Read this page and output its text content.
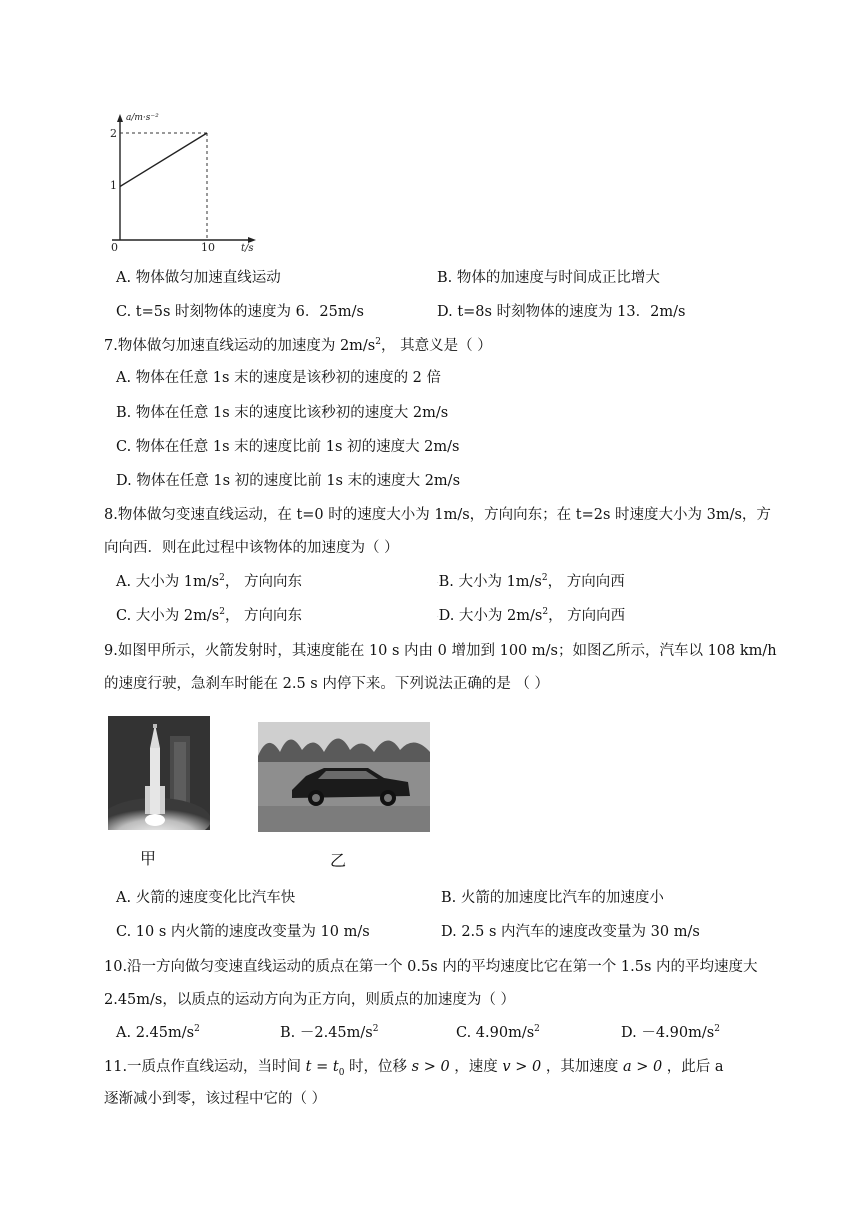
a/m·s⁻²
2
1
0	10	t/s
A. 物体做匀加速直线运动	B. 物体的加速度与时间成正比增大
C. t=5s 时刻物体的速度为 6．25m/s	D. t=8s 时刻物体的速度为 13．2m/s
7.物体做匀加速直线运动的加速度为 $2m/s^2$， 其意义是（ ）
A. 物体在任意 1s 末的速度是该秒初的速度的 2 倍
B. 物体在任意 1s 末的速度比该秒初的速度大 2m/s
C. 物体在任意 1s 末的速度比前 1s 初的速度大 2m/s
D. 物体在任意 1s 初的速度比前 1s 末的速度大 2m/s
8.物体做匀变速直线运动，在 t=0 时的速度大小为 1m/s，方向向东；在 t=2s 时速度大小为 3m/s，方
向向西．则在此过程中该物体的加速度为（ ）
A. 大小为 $1m/s^2$， 方向向东	.B. 大小为 $1m/s^2$， 方向向西
C. 大小为 $2m/s^2$， 方向向东	.D. 大小为 $2m/s^2$， 方向向西
9.如图甲所示，火箭发射时，其速度能在 10 s 内由 0 增加到 100 m/s；如图乙所示，汽车以 108 km/h
的速度行驶，急刹车时能在 2.5 s 内停下来。下列说法正确的是 （ ）
甲	乙
A. 火箭的速度变化比汽车快	B. 火箭的加速度比汽车的加速度小
C. 10 s 内火箭的速度改变量为 10 m/s	D. 2.5 s 内汽车的速度改变量为 30 m/s
10.沿一方向做匀变速直线运动的质点在第一个 0.5s 内的平均速度比它在第一个 1.5s 内的平均速度大
2.45m/s，以质点的运动方向为正方向，则质点的加速度为（ ）
A. $2.45m/s^2$	B. $-2.45m/s^2$	C. $4.90m/s^2$	D. $-4.90m/s^2$
11.一质点作直线运动，当时间 $t = t_0$ 时，位移 s > 0 ，速度 v > 0 ，其加速度 a > 0 ，此后 a
逐渐减小到零，该过程中它的（ ）
